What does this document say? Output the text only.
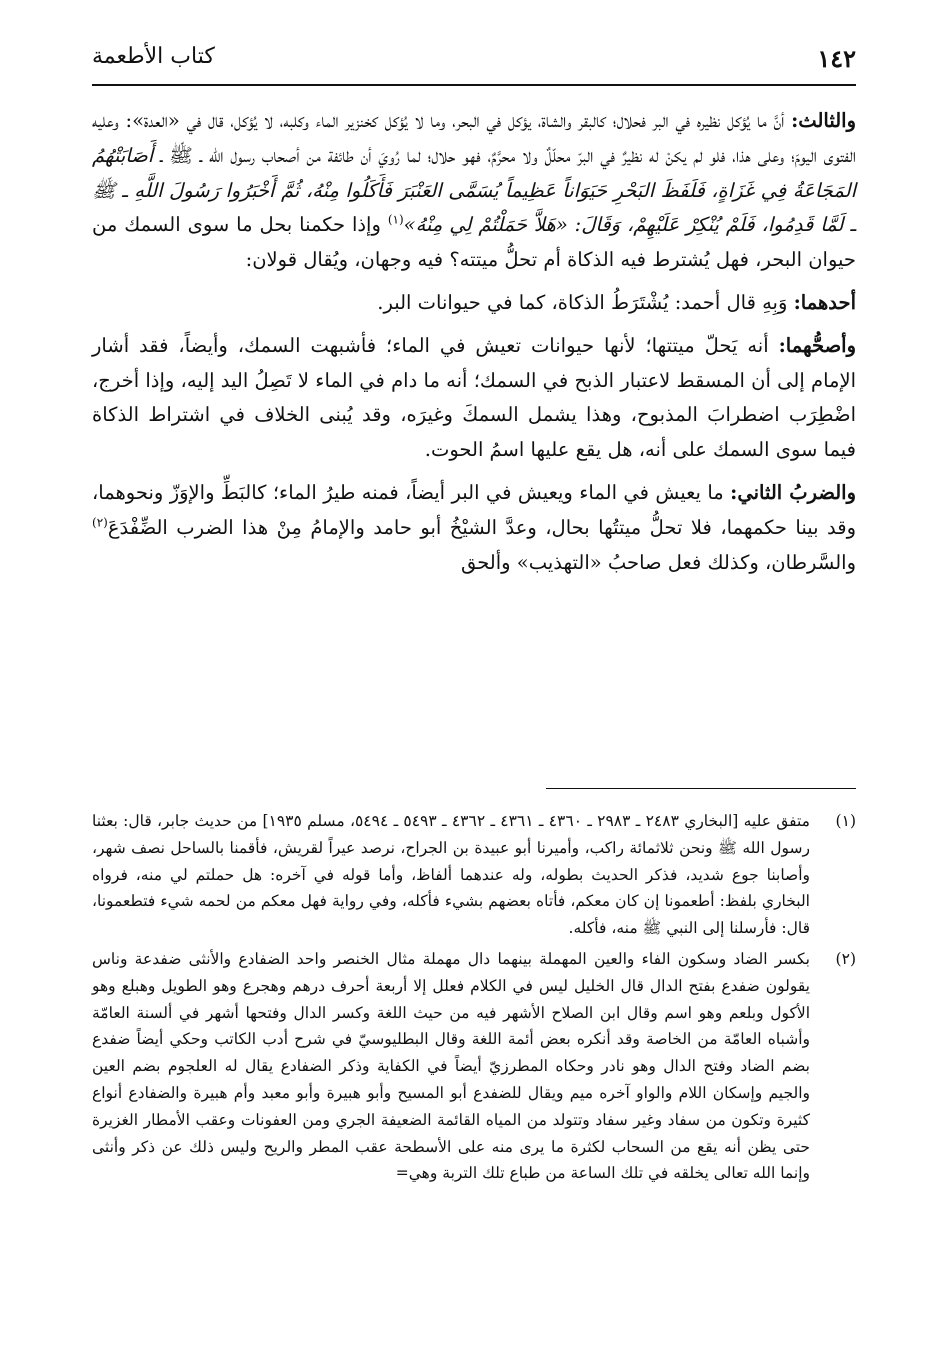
١٤٢
كتاب الأطعمة

والثالث: أنَّ ما يُؤكل نظيره في البر فحلال؛ كالبقر والشاة، يؤكل في البحر، وما لا يُؤكل كخنزير الماء وكلبه، لا يُؤكل، قال في «العدة»: وعليه الفتوى اليومَ؛ وعلى هذا، فلو لم يكنْ له نظيرٌ في البرّ محلّلٌ ولا محرَّمٌ، فهو حلال؛ لما رُويَ أن طائفة من أصحاب رسول الله ـ ﷺ ـ أَصَابَتْهُمُ المَجَاعَةُ فِي غَزَاةٍ، فَلَفَظَ البَحْرِ حَيَوَاناً عَظِيماً يُسَمَّى العَنْبَرَ فَأَكَلُوا مِنْهُ، ثُمَّ أَخْبَرُوا رَسُولَ اللَّهِ ـ ﷺ ـ لَمَّا قَدِمُوا، فَلَمْ يُنْكِرْ عَلَيْهِمْ، وَقَالَ: «هَلاَّ حَمَلْتُمْ لِي مِنْهُ»$^{(١)}$ وإذا حكمنا بحل ما سوى السمك من حيوان البحر، فهل يُشترط فيه الذكاة أم تحلُّ ميتته؟ فيه وجهان، ويُقال قولان:

أحدهما: وَبِهِ قال أحمد: يُشْتَرَطُ الذكاة، كما في حيوانات البر.

وأصحُّهما: أنه يَحلّ ميتتها؛ لأنها حيوانات تعيش في الماء؛ فأشبهت السمك، وأيضاً، فقد أشار الإمام إلى أن المسقط لاعتبار الذبح في السمك؛ أنه ما دام في الماء لا تَصِلُ اليد إليه، وإذا أخرج، اضْطِرَب اضطرابَ المذبوح، وهذا يشمل السمكَ وغيرَه، وقد يُبنى الخلاف في اشتراط الذكاة فيما سوى السمك على أنه، هل يقع عليها اسمُ الحوت.

والضربُ الثاني: ما يعيش في الماء ويعيش في البر أيضاً، فمنه طيرُ الماء؛ كالبَطِّ والإوَزّ ونحوهما، وقد بينا حكمهما، فلا تحلُّ ميتتُها بحال، وعدَّ الشيْخُ أبو حامد والإمامُ مِنْ هذا الضرب الضِّفْدَعَ$^{(٢)}$ والسَّرطان، وكذلك فعل صاحبُ «التهذيب» وألحق

(١)
متفق عليه [البخاري ٢٤٨٣ ـ ٢٩٨٣ ـ ٤٣٦٠ ـ ٤٣٦١ ـ ٤٣٦٢ ـ ٥٤٩٣ ـ ٥٤٩٤، مسلم ١٩٣٥] من حديث جابر، قال: بعثنا رسول الله ﷺ ونحن ثلاثمائة راكب، وأميرنا أبو عبيدة بن الجراح، نرصد عيراً لقريش، فأقمنا بالساحل نصف شهر، وأصابنا جوع شديد، فذكر الحديث بطوله، وله عندهما ألفاظ، وأما قوله في آخره: هل حملتم لي منه، فرواه البخاري بلفظ: أطعمونا إن كان معكم، فأتاه بعضهم بشيء فأكله، وفي رواية فهل معكم من لحمه شيء فتطعمونا، قال: فأرسلنا إلى النبي ﷺ منه، فأكله.
(٢)
بكسر الضاد وسكون الفاء والعين المهملة بينهما دال مهملة مثال الخنصر واحد الضفادع والأنثى ضفدعة وناس يقولون ضفدع بفتح الدال قال الخليل ليس في الكلام فعلل إلا أربعة أحرف درهم وهجرع وهو الطويل وهبلع وهو الأكول وبلعم وهو اسم وقال ابن الصلاح الأشهر فيه من حيث اللغة وكسر الدال وفتحها أشهر في ألسنة العامّة وأشباه العامّة من الخاصة وقد أنكره بعض أئمة اللغة وقال البطليوسيّ في شرح أدب الكاتب وحكي أيضاً ضفدع بضم الضاد وفتح الدال وهو نادر وحكاه المطرزيّ أيضاً في الكفاية وذكر الضفادع يقال له العلجوم بضم العين والجيم وإسكان اللام والواو آخره ميم ويقال للضفدع أبو المسيح وأبو هبيرة وأبو معبد وأم هبيرة والضفادع أنواع كثيرة وتكون من سفاد وغير سفاد وتتولد من المياه القائمة الضعيفة الجري ومن العفونات وعقب الأمطار الغزيرة حتى يظن أنه يقع من السحاب لكثرة ما يرى منه على الأسطحة عقب المطر والريح وليس ذلك عن ذكر وأنثى وإنما الله تعالى يخلقه في تلك الساعة من طباع تلك التربة وهي=
